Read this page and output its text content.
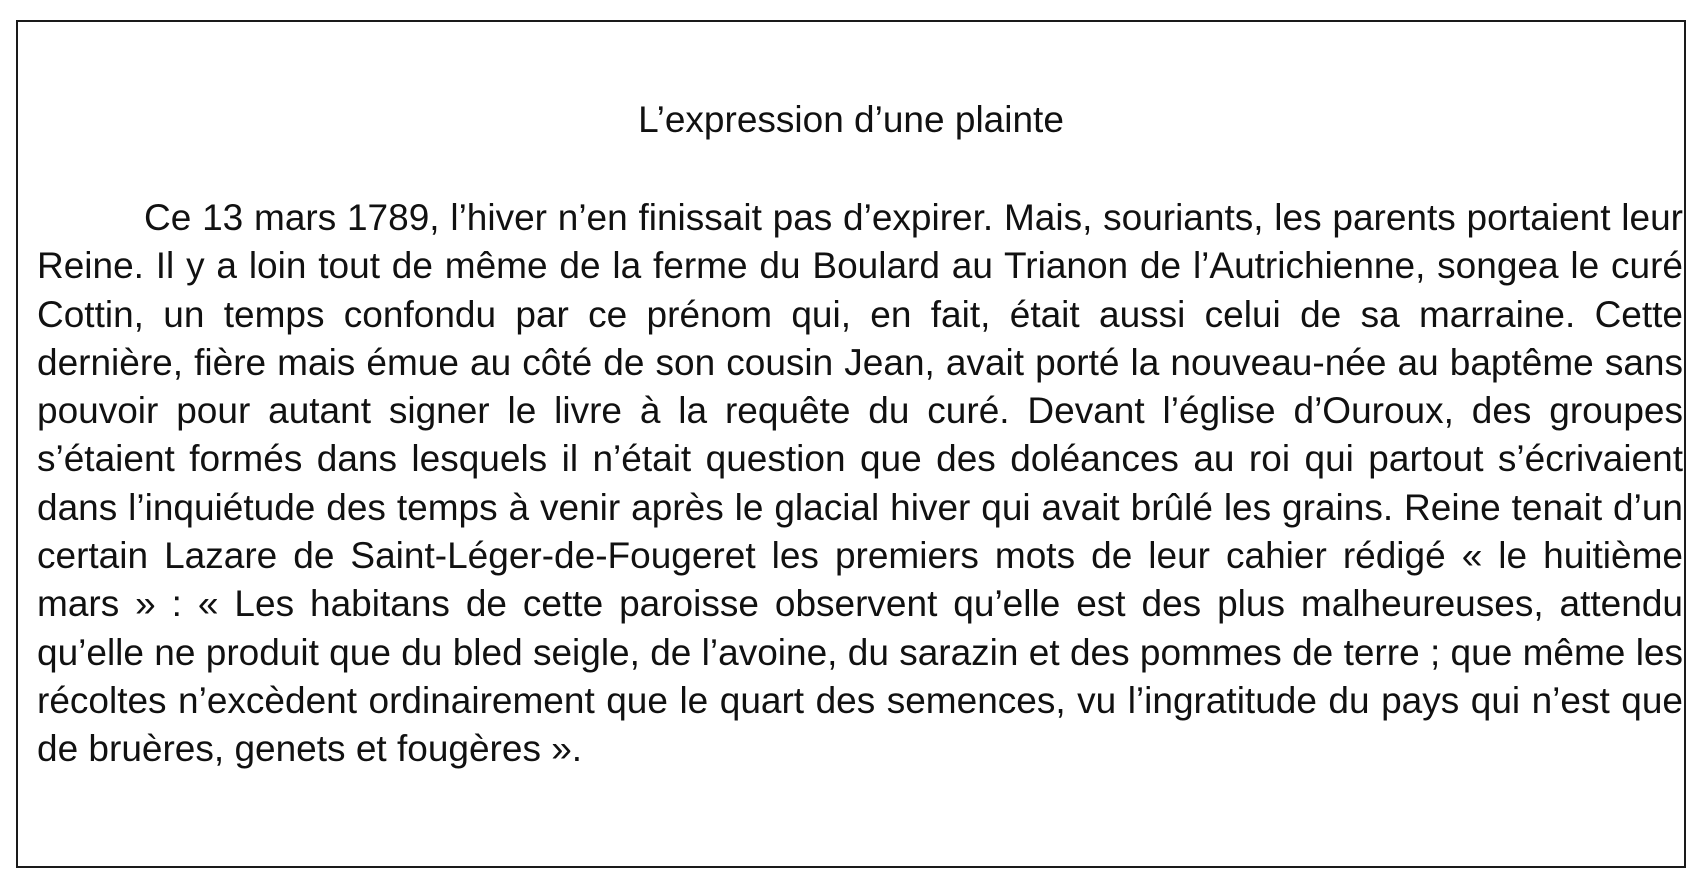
L’expression d’une plainte

Ce 13 mars 1789, l’hiver n’en finissait pas d’expirer. Mais, souriants, les parents portaient leur Reine. Il y a loin tout de même de la ferme du Boulard au Trianon de l’Autrichienne, songea le curé Cottin, un temps confondu par ce prénom qui, en fait, était aussi celui de sa marraine. Cette dernière, fière mais émue au côté de son cousin Jean, avait porté la nouveau-née au baptême sans pouvoir pour autant signer le livre à la requête du curé. Devant l’église d’Ouroux, des groupes s’étaient formés dans lesquels il n’était question que des doléances au roi qui partout s’écrivaient dans l’inquiétude des temps à venir après le glacial hiver qui avait brûlé les grains. Reine tenait d’un certain Lazare de Saint-Léger-de-Fougeret les premiers mots de leur cahier rédigé « le huitième mars » : « Les habitans de cette paroisse observent qu’elle est des plus malheureuses, attendu qu’elle ne produit que du bled seigle, de l’avoine, du sarazin et des pommes de terre ; que même les récoltes n’excèdent ordinairement que le quart des semences, vu l’ingratitude du pays qui n’est que de bruères, genets et fougères ».
